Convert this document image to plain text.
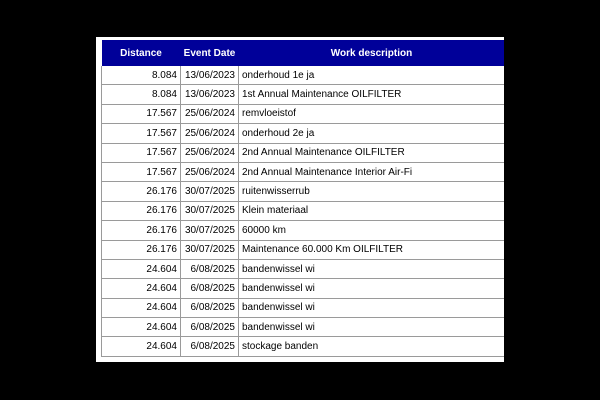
Distance	Event Date	Work description
8.084	13/06/2023	onderhoud 1e ja
8.084	13/06/2023	1st Annual Maintenance OILFILTER
17.567	25/06/2024	remvloeistof
17.567	25/06/2024	onderhoud 2e ja
17.567	25/06/2024	2nd Annual Maintenance OILFILTER
17.567	25/06/2024	2nd Annual Maintenance Interior Air-Fi
26.176	30/07/2025	ruitenwisserrub
26.176	30/07/2025	Klein materiaal
26.176	30/07/2025	60000 km
26.176	30/07/2025	Maintenance 60.000 Km OILFILTER
24.604	6/08/2025	bandenwissel wi
24.604	6/08/2025	bandenwissel wi
24.604	6/08/2025	bandenwissel wi
24.604	6/08/2025	bandenwissel wi
24.604	6/08/2025	stockage banden
